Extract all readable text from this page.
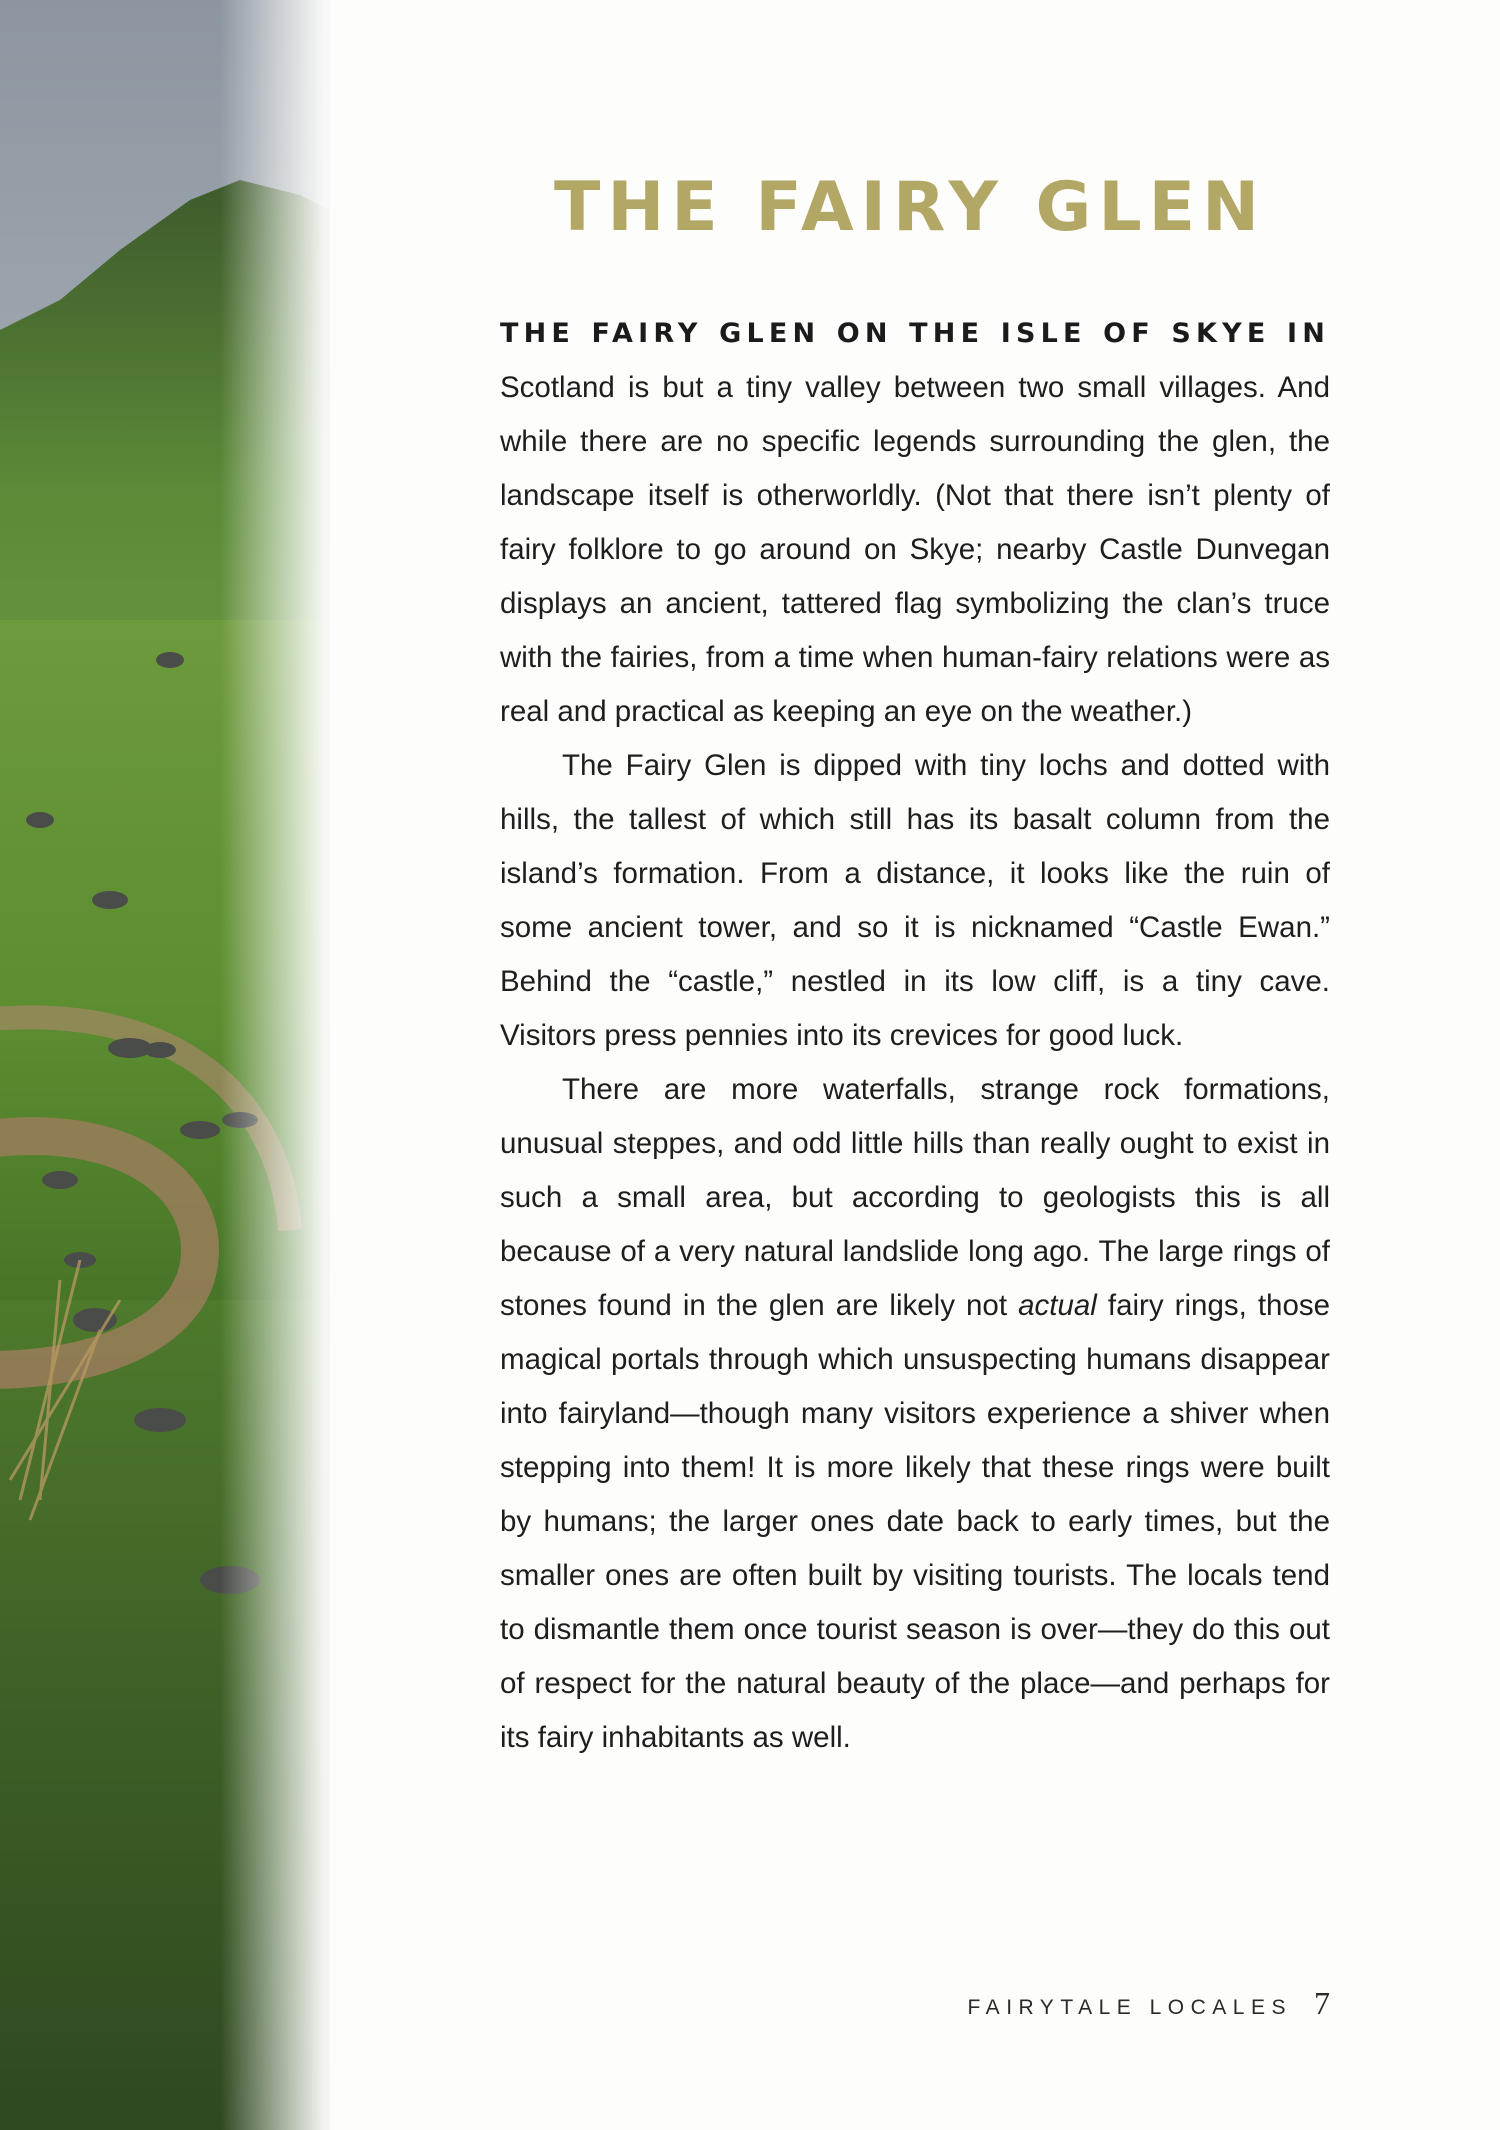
THE FAIRY GLEN

THE FAIRY GLEN ON THE ISLE OF SKYE IN Scotland is but a tiny valley between two small villages. And while there are no specific legends surrounding the glen, the landscape itself is otherworldly. (Not that there isn’t plenty of fairy folklore to go around on Skye; nearby Castle Dunvegan displays an ancient, tattered flag symbolizing the clan’s truce with the fairies, from a time when human-fairy relations were as real and practical as keeping an eye on the weather.)

The Fairy Glen is dipped with tiny lochs and dotted with hills, the tallest of which still has its basalt column from the island’s formation. From a distance, it looks like the ruin of some ancient tower, and so it is nicknamed “Castle Ewan.” Behind the “castle,” nestled in its low cliff, is a tiny cave. Visitors press pennies into its crevices for good luck.

There are more waterfalls, strange rock formations, unusual steppes, and odd little hills than really ought to exist in such a small area, but according to geologists this is all because of a very natural landslide long ago. The large rings of stones found in the glen are likely not actual fairy rings, those magical portals through which unsuspecting humans disappear into fairyland—though many visitors experience a shiver when stepping into them! It is more likely that these rings were built by humans; the larger ones date back to early times, but the smaller ones are often built by visiting tourists. The locals tend to dismantle them once tourist season is over—they do this out of respect for the natural beauty of the place—and perhaps for its fairy inhabitants as well.

FAIRYTALE LOCALES 7
